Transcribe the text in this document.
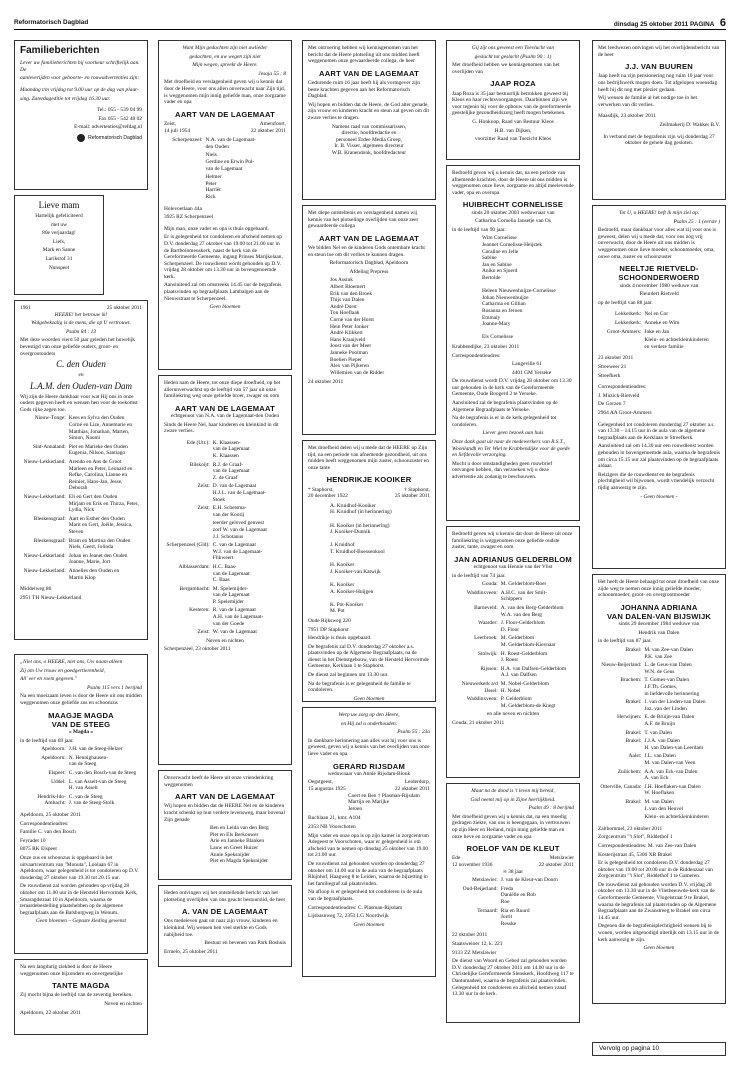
Reformatorisch Dagblad	dinsdag 25 oktober 2011 PAGINA 6
Familieberichten

Lever uw familieberichten bij voorkeur schriftelijk aan. De

aanleverijden voor geboorte- en rouwadvertenties zijn:

Maandag t/m vrijdag tot 9.00 uur op de dag van plaat-

sing. Zaterdageditie tot vrijdag 16.30 uur.

Tel.: 055 - 539 04 99

Fax 055 - 542 48 02

E-mail: advertenties@refdag.nl

Reformatorisch Dagblad

Lieve mam

Hartelijk gefeliciteerd

met uw

80e verjaardag!

Liefs,

Mark en Sanne

Lariksrof 31

Nunspeet

1961	25 oktober 2011

HEERE! het betrouw ik!

Walgebekzalig is de mens, die op U vertrouwt.

Psalm 84 : 13

Met deze woorden vierd 50 jaar geleden het huwelijk bevestigd van onze geliefde ouders, groot- en overgrootouders

C. den Ouden

en

L.A.M. den Ouden-van Dam

Wij zijn de Heere dankbaar voor wat Hij ons in onze ouders gegeven heeft en wensen hen voor de toekomst Gods rijke zegen toe.

Nieuw-Tonge: Kees en Sylva den Ouden
Corné en Lize, Annemarie en Matthias, Jonathan, Marten, Simon, Naomi
Sint-Annaland: Piet en Marieke den Ouden
Eugenia, Nilson, Santiago
Nieuw-Lekkerland: Arendo en Ans de Groot
Marleen en Peter, Leonard en Refke, Carolina, Lianne en Reinier, Hans-Jan, Jesse, Deborah
Nieuw-Lekkerland: Eli en Gert den Ouden
Mirjam en Erik en Thirza, Peter, Lydia, Nick
Bleskensgraaf: Aart en Esther den Ouden
Marit en Gert, Joëlle, Jessica, Steven
Bleskensgraaf: Bram en Martina den Ouden
Niels, Geert, Jolinda
Nieuw-Lekkerland: Johan en Jeanet den Ouden
Joanne, Marie, Jort
Nieuw-Lekkerland: Annelies den Ouden en
Martin Klop

Middelweg 86

2951 TH Nieuw-Lekkerland

„Niet ons, o HEERE, niet ons, Uw naam alleen

Zij om Uw trouw en goedgertierenheid,

All' eer en roem gegeven."

Psalm 115 vers 1 berijmd

Na een moeizaam leven is door de Heere uit ons midden weggenomen onze geliefde zus en schoonzus

MAAGJE MAGDA

VAN DE STEEG

« Magda »

in de leeftijd van 69 jaar.

Apeldoorn: J.H. van de Steeg-Helzer
Apeldoorn: N. Hennighausen-
van de Steeg
Elspeet: C. van den Bosch-van de Steeg
Uddel: L. van Asselt-van de Steeg
H. van Asselt
Hendrik-Ido-Ambacht:
C. van de Steeg
J. van de Steeg-Stolk

Apeldoorn, 25 oktober 2011

Correspondentieadres:

Familie C. van den Bosch

Feyradet 10

8075 RK Elspeet

Onze zus en schoonzus is opgebaard in het uitvaartcentrum van "Monuta", Loolaan 67 in Apeldoorn, waar gelegenheid is tot condoleren op D.V. donderdag 27 oktober van 19.30 tot 20.15 uur.

De rouwdienst zal worden gehouden op vrijdag 28 oktober om 11.00 uur in de Hersteld Hervormde Kerk, Smaragdstraat 10 in Apeldoorn, waarna de teraardebestelling plaatshebben op de algemene begraafplaats aan de Batsburgweg in Wenum.

Geen bloemen – Gepaste kleding gewenst

Na een langdurig ziekbed is door de Heere weggenomen onze bijzondere en onvergetelijke

TANTE MAGDA

Zij mocht bijna de leeftijd van de zeventig bereiken.

Neven en nichten

Apeldoorn, 22 oktober 2011

Want Mijn gedachten zijn niet uwlieder

gedachten, en uw wegen zijn niet

Mijn wegen, spreekt de Heere.

Jesaja 55 : 8

Met droefheid en verslagenheid geven wij u kennis dat door de Heere, voor ons allen onverwacht naar Zijn tijd, is weggenomen mijn innig geliefde man, onze zorgzame vader en opa

AART VAN DE LAGEMAAT

Zeist,	Amersfoort,
14 juli 1954	22 oktober 2011
Scherpenzeel: N.A. van de Lagemaat-
den Ouden
Niels
Gerdine en Erwin Pul-
van de Lagemaat
Helmer
Peter
Harriët
Rick

Holevoetlaan 44a

3925 RZ Scherpenzeel

Mijn man, onze vader en opa is thuis opgebaard.

Er is gelegenheid tot condoleren en afscheid nemen op D.V. donderdag 27 oktober van 19.00 tot 21.00 uur in de Bartholomeuskerk, naast de kerk van de Gereformeerde Gemeente, ingang Prinses Marijkelaan, Scherpenzeel. De rouwdienst wordt gehouden op D.V. vrijdag 28 oktober om 13.30 uur in bovengenoemde kerk.

Aansluitend zal om omstreeks 14.45 uur de begrafenis plaatsvinden op begraafplaats Lambalgen aan de Nieuwstraat te Scherpenzeel.

Geen bloemen

Heden nam de Heere, tot onze diepe droefheid, op het allerunverwachtst op de leeftijd van 57 jaar uit onze familiekring weg onze geliefde broer, zwager en oom

AART VAN DE LAGEMAAT

echtgenoot van N.A. van de Lagemaat-den Ouden

Sinds de Heere Nel, haar kinderen en kleinkind in dit zware verlies.

Ede (Utr.): K. Klaassen-
van de Lagemaat
K. Klaassen
Bilskoijt: R.J. de Graaf-
van de Lagemaat
Z. de Graaf
Zeist: D. van de Lagemaat
H.J.L. van de Lagemaat-
Stoek
Zeist: E.H. Schetsma-
van der Koorij
teerder geloved genvest
zorf W. van de Lagemaat
J.J. Schotanus
Scherpenzeel (Gld): C. van de Lagemaat
W.J. van de Lagemaat-
Flikweert
Alblasserdam: H.C. Baas-
van de Lagemaat
C. Baas
Bergambacht: M. Spelemijder-
van de Lagemaat
P. Spelemijder
Kesteren: R. van de Lagemaat
A.H. van de Lagemaat-
van der Goede
Zeist: W. van de Lagemaat

Neven en nichten

Scherpenzeel, 23 oktober 2011

Onverwacht heeft de Heere uit onze vriendenkring weggenomen

AART VAN DE LAGEMAAT

Wij hopen en bidden dat de HEERE Nel en de kinderen kracht schenkt op hun verdere levensweg, maar bovenal Zijn genade

Ben en Leida van den Berg

Piet en Els Berkouwer

Arie en Janneke Blanken

Lauw en Greet Huizer

Annie Speksnijder

Piet en Magda Speksnijder

Heden ontvingen wij het ontstellende bericht van het plotseling overlijden van ons geacht bestuurslid, de heer

A. VAN DE LAGEMAAT

Ons medeleven gaat uit naar zijn vrouw, kinderen en kleinkind. Wij wensen hen veel sterkte en Gods nabijheid toe.

Bestuur en bevenen van Park Boshuis

Ermelo, 25 oktober 2011

Met ontroering hebben wij kennisgenomen van het bericht dat de Heere plotseling uit ons midden heeft weggenomen onze gewaardeerde collega, de heer

AART VAN DE LAGEMAAT

Gedurende ruim 16 jaar heeft hij als vormgever zijn beste krachten gegeven aan het Reformatorisch Dagblad.

Wij hopen en bidden dat de Heere, de God alter genade, zijn vrouw en kinderen kracht en steun zal geven om dit zware verlies te dragen.

Namens raad van commissarissen,

directie, hoofdredactie en

personeel Erdee Media Groep,

Ir. B. Visser, algemeen directeur

W.B. Kranendonk, hoofdredacteur

Met diepe ontsteltenis en verslagenheid namen wij kennis van het plotselinge overlijden van onze zeer gewaardeerde collega

AART VAN DE LAGEMAAT

We bidden Nel en de kinderen Gods ontembare kracht en steun toe om dit verlies te kunnen dragen.

Reformatorisch Dagblad, Apeldoorn

Afdeling Prepress

Jos Assink

Albert Bloemert

Erik van den Broek

Thijs van Dalen

André Dorst

Ton Hoeflaak

Corné van der Horst

Hein Peter Jonker

André Klikkert

Hans Kraaijveld

Joost van der Meer

Janneke Poolman

Boelien Pieper

Alex van Pijkeren

Willemien van de Ridder

24 oktober 2011

Met droefheid delen wij u mede dat de HEERE op Zijn tijd, na een periode van afnemende gezondheid, uit ons midden heeft weggenomen mijn zuster, schoonzuster en onze tante

HENDRIKJE KOOIKER

* Staphorst,	† Staphorst,
20 december 1922	25 oktober 2011

A. Kruidhof-Kooiker

H. Kruidhof (in herinnering)

H. Kooiker (in herinnering)

J. Kooiker-Dunnik

J. Kruidhof

T. Kruidhof-Boessenkool

H. Kooiker

J. Kooiker-van Katwijk

K. Kooiker

A. Kooiker-Huijgen

K. Pot-Kooiker

M. Pot

Oude Rijksweg 220

7951 DP Staphorst

Hendrikje is thuis opgebaard.

De begrafenis zal D.V. donderdag 27 oktober a.s. plaatsvinden op de Algemene Begraafplaats, na de dienst in het Dienstgebouw, van de Hersteld Hervormde Gemeente, Kerklaan 1 te Staphorst.

De dienst zal beginnen om 13.30 uur.

Na de begrafenis is er gelegenheid de familie te condoleren.

Geen bloemen

Werp uw zorg op den Heere,

en Hij zal u onderhouden.

Psalm 55 : 23a

In dankbare herinnering aan alles wat hij voor ons is geweest, geven wij u kennis van het overlijden van onze lieve vader en opa

GERARD RIJSDAM

weduwnaar van Annie Rijsdam-Blonk

Oegstgeest,	Leiderdorp,
15 augustus 1925	22 oktober 2011

Coert en Ben † Plasman-Rijsdam

Martijn en Marijke

Jeroen

Buchlaan 21, kmr. A104

2353 NB Voorschoten

Mijn vader en onze opa is op zijn kamer in zorgcentrum Adegeest te Voorschoten, waar er gelegenheid is om afscheid van te nemen op dinsdag 25 oktober van 19.00 tot 21.00 uur.

De rouwdienst zal gehouden worden op donderdag 27 oktober om 14.00 uur in de aula van de begraafplaats Rhijnhof, Haagweg 8 te Leiden, waarna de bijzetting in het familiegraf zal plaatsvinden.

Na afloop is er gelegenheid tot condoleren in de aula van de begraafplaats.

Correspondentieadres: C. Plasman-Rijsdam

Lijsbasnweg 72, 2353 LG Noordwijk

Geen bloemen

Gij zijt ons geweest een Toevlucht van

geslacht tot geslacht (Psalm 90 : 1)

Met droefheid hebben we kennisgenomen van het overlijden van

JAAP ROZA

Jaap Roza is 35 jaar bestuurlijk betrokken geweest bij Kleos en haar rechtsvoorgangers. Daarbinnen zijn we voor tegenin bij voor de opbouw van de gereformeerde geestelijke gezondheidszorg heeft mogen betekenen.

G. Honkoop, Raad van Bestuur Kleos

H.B. van Dijken,

voorzitter Raad van Toezicht Kleos

Bedroefd geven wij u kennis dat, na een periode van afnemende krachten, door de Heere uit ons midden is weggenomen onze lieve, zorgzame en altijd meelevende vader, opa en overopa

HUIBRECHT CORNELISSE

sinds 20 oktober 2003 weduwnaar van

Catharina Cornelia Jansetje van Os

in de leeftijd van 90 jaar.

Wim Cornelisse

Jeannet Cornelisse-Heijstek

Coraline en Jelle

Sabine

Jan en Sabine

Aniko en Sjoerd

Bertolde

Heleen Nieuwenhuijze-Cornelisse

Johan Nieuwenhuijze

Catharina en Gillian

Rosanna en Jeroen

Emmaly

Joanne-Mary

Els Cornelisse

Krabbendijke, 23 oktober 2011

Correspondentieadres:

Langeville 61

4401 GM Yerseke

De rouwdienst wordt D.V. vrijdag 28 oktober om 13.30 uur gehouden in de kerk van de Gereformeerde Gemeente, Oude Boogerd 2 te Yerseke.

Aansluitend zal de begrafenis plaatsvinden op de Algemene Begraafplaats te Yerseke.

Na de begrafenis is er in de kerk gelegenheid tot condoleren.

Liever geen bezoek aan huis

Onze dank gaat uit naar de medewerkers van R.S.T., Woonlandh en Ter Wiel te Krabbendijke voor de goede en liefdevolle verzorging.

Mocht u door omstandigheden geen rouwbrief ontvangen hebben, dan verzoeken wij u deze advertentie als zodanig te beschouwen.

Bedroefd geven wij u kennis dat door de Heere uit onze familiekring is weggenomen onze geliefde oudste zuster, tante, zwager en oom

JAN ADRIANUS GELDERBLOM

echtgenoot van Hennie van der Vlist

in de leeftijd van 74 jaar.

Gouda: M. Gelderblom-Boer
Waddinxveen: A.H.C. van der Smit-
Schippers
Barneveld: A. van den Berg-Gelderblom
W.A. van den Berg
Waarder: J. Floor-Gelderblom
D. Floor
Leerbroek: M. Gelderblom
M. Gelderblom-Kievnaar
Stolwijk: H. Roest-Gelderblom
J. Roest
Rijssen: H.A. van Dalfsen-Gelderblom
A.J. van Dalfsen
Nieuwerkerk a/d IJssel:
M. Nobel-Gelderblom
H. Nobel
Waddinxveen: P. Gelderblom
M. Gelderblom-de Knegt

en alle neven en nichten

Gouda, 21 oktober 2011

Maar na de dood is 't leven mij bereid,

God neemt mij op in Zijne heerlijkheid.

Psalm 49 : 8 berijmd

Met droefheid geven wij u kennis dat, na een moedig gedragen ziekte, van ons is heengegaan, in vertrouwen op zijn Heer en Heiland, mijn innig geliefde man en onze lieve en zorgzame vader en opa

ROELOF VAN DE KLEUT

Ede	Metslawier
12 november 1936	22 oktober 2011

∞ 38 jaar

Metslawier: J. van de Kleut-van Doorn
Oud-Beijerland: Freda
Daniëlle en Rob
Roe
Ternaard: Ria en Ruurd
Jorrit
Resske

22 oktober 2011

Staatsweioer 12, k. 221

9133 ZZ Metslawier

De dienst van Woord en Gebed zal gehouden worden D.V. donderdag 27 oktober 2011 om 14.00 uur in de Christelijke Gereformeerde Slenskerk, Hoofdweg 117 te Dantumadeel, waarna de begrafenis zal plaatsvinden. Gelegenheid tot condoleren en afscheid nemen vanaf 13.30 uur in de kerk.

Met leedwezen ontvingen wij het overlijdensbericht van de heer

J.J. VAN BUUREN

Jaap heeft na zijn pensionering nog ruim 10 jaar voor ons bedrijfswerk mogen doen. Tot afgelopen woensdag heeft hij dit nog met plezier gedaan.

Wij wensen de familie al het nodige toe in het verwerken van dit verlies.

Maasdijk, 23 oktober 2011

Zeilmakerij D. Wakker B.V.

In verband met de begrafenis zijn wij donderdag 27 oktober de gehele dag gesloten.

Tot U, o HEERE! heft ik mijn ziel op.

Psalm 25 : 1 (eerste )

Bedroefd, maar dankbaar voor alles wat zij voor ons is geweest, delen wij u mede dat, voor ons nog vrij onverwacht, door de Heere uit ons midden is weggenomen onze lieve moeder, schoonmoeder, oma, ouwe oma, zuster en schoonzuster

NEELTJE RIETVELD-

SCHOONDERWOERD

sinds 4 november 1980 weduwe van

Fleurdert Rietveld

op de leeftijd van 88 jaar.

Lekkerkerk: Nel en Cor
Lekkerkerk: Anneke en Wim
Groot-Ammers: Joke en Jan
Klein- en achterkleinkinderen
en verdere familie

23 oktober 2011

Streeweer 21

Streefkerk

Correspondentieadres:

J. Muzick-Rietveld

De Gorzen 7

2964 AA Groot-Ammers

Gelegenheid tot condoleren donderdag 27 oktober a.s. van 13.30 – 14.15 uur in de aula van de algemene begraafplaats aan de Kerklaan te Streefkerk.

Aansluitend zal om 14.30 uur een rouwdienst worden gehouden in bovengenoemde aula, waarna de begrafenis om circa 15.15 uur zal plaatsvinden op de begraafplaats aldaar.

Reizigers die de rouwdienst en de begrafenis plechtigheid wil bijwonen, wordt vriendelijk verzocht tijdig aanwezig te zijn.

- Geen bloemen -

Het heeft de Heere behaagd tot onze droefheid van onze zijde weg te nemen onze innig geliefde moeder, schoonmoeder, groot- en overgrootmoeder

JOHANNA ADRIANA

VAN DALEN-VAN BIJSWIJK

sinds 29 december 1984 weduwe van

Hendrik van Dalen

in de leeftijd van 87 jaar.

Brakel: M. van Zee-van Dalen
P.K. van Zee
Nieuw-Beijerland: L. de Geus-van Dalen
W.N. de Geus
Brachem: T. Gomes-van Dalen
J.F.Th. Gomes,
in liefdevolle herinnering
Brakel: J. van der Linden-van Dalen
Joz. van der Linden
Herwijnen: E. de Bruijn-van Dalen
A.F. de Bruijn
Brakel: T. van Dalen
Brakel: J.J.A. van Dalen
H. van Dalen-van Leerdam
Aalst: J.L. van Dalen
M. van Dalen-van Veen
Zuilichem: A.A. van Eck-van Dalen
A. van Eck
Otterville, Canada: J.H. Hoeflaken-van Dalen
W. Hoeflaken
Brakel: M. van Dalen
J. van den Heuvel
Klein- en achterkleinkinderen

Zaltbommel, 23 oktober 2011

Zorgcentrum "'t Slot", Riddethof 1

Correspondentieadres: M. van Zee-van Dalen

Kosterijstraat 45, 5306 XB Brakel

Er is gelegenheid tot condoleren D.V. donderdag 27 oktober van 19.00 tot 20.00 uur in de Riddenzaal van Zorgcentrum "'t Slot", Riddethof 1 te Gameren.

De rouwdienst zal gehouden worden D.V. vrijdag 28 oktober om 13.30 uur in de Vlietbeeuwde-kerk van de Gereformeerde Gemeente, Vlogelstraat 9 te Brakel, waarna de begrafenis zal plaatsvinden op de Algemene Begraafplaats aan de Zwanstreeg te Brakel om circa 14.45 uur.

Degenen die de begrafenisplechtigheid wensen bij te wonen, worden uitgenodigd uiterlijk om 13.15 uur in de kerk aanwezig te zijn.

Geen bloemen

Vervolg op pagina 10
